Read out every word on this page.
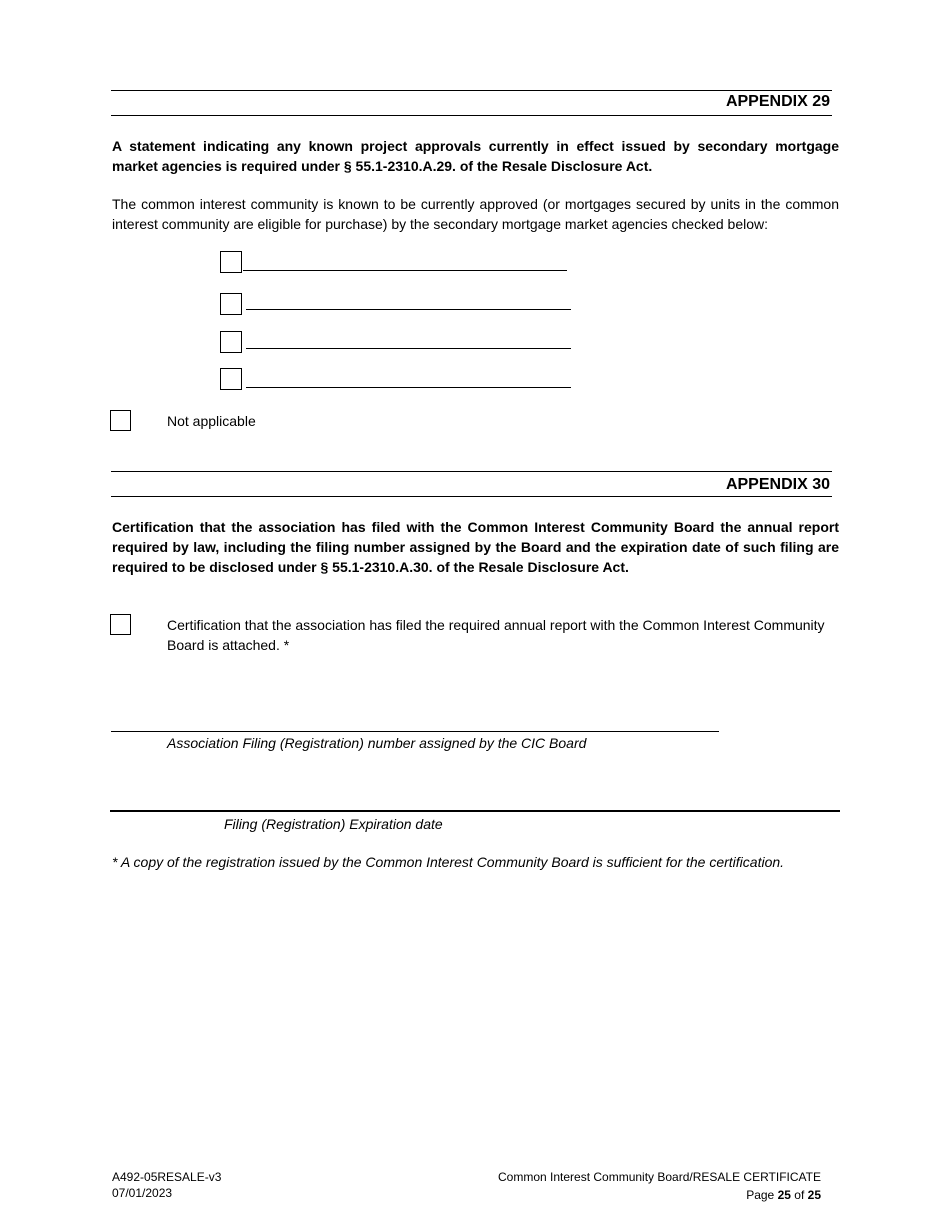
APPENDIX 29
A statement indicating any known project approvals currently in effect issued by secondary mortgage market agencies is required under § 55.1-2310.A.29. of the Resale Disclosure Act.
The common interest community is known to be currently approved (or mortgages secured by units in the common interest community are eligible for purchase) by the secondary mortgage market agencies checked below:
Not applicable
APPENDIX 30
Certification that the association has filed with the Common Interest Community Board the annual report required by law, including the filing number assigned by the Board and the expiration date of such filing are required to be disclosed under § 55.1-2310.A.30. of the Resale Disclosure Act.
Certification that the association has filed the required annual report with the Common Interest Community Board is attached. *
Association Filing (Registration) number assigned by the CIC Board
Filing (Registration) Expiration date
* A copy of the registration issued by the Common Interest Community Board is sufficient for the certification.
A492-05RESALE-v3
07/01/2023
Common Interest Community Board/RESALE CERTIFICATE
Page 25 of 25
